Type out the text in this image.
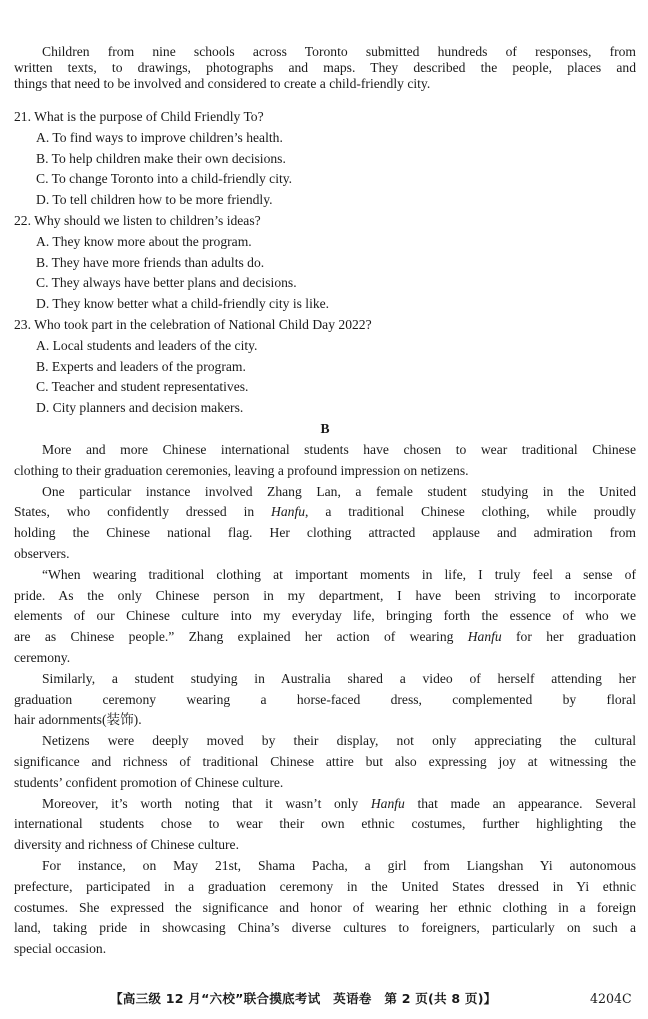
Children from nine schools across Toronto submitted hundreds of responses, from
written texts, to drawings, photographs and maps. They described the people, places and
things that need to be involved and considered to create a child-friendly city.
21. What is the purpose of Child Friendly To?
A. To find ways to improve children’s health.
B. To help children make their own decisions.
C. To change Toronto into a child-friendly city.
D. To tell children how to be more friendly.
22. Why should we listen to children’s ideas?
A. They know more about the program.
B. They have more friends than adults do.
C. They always have better plans and decisions.
D. They know better what a child-friendly city is like.
23. Who took part in the celebration of National Child Day 2022?
A. Local students and leaders of the city.
B. Experts and leaders of the program.
C. Teacher and student representatives.
D. City planners and decision makers.
B
More and more Chinese international students have chosen to wear traditional Chinese
clothing to their graduation ceremonies, leaving a profound impression on netizens.
One particular instance involved Zhang Lan, a female student studying in the United
States, who confidently dressed in Hanfu, a traditional Chinese clothing, while proudly
holding the Chinese national flag. Her clothing attracted applause and admiration from
observers.
“When wearing traditional clothing at important moments in life, I truly feel a sense of
pride. As the only Chinese person in my department, I have been striving to incorporate
elements of our Chinese culture into my everyday life, bringing forth the essence of who we
are as Chinese people.” Zhang explained her action of wearing Hanfu for her graduation
ceremony.
Similarly, a student studying in Australia shared a video of herself attending her
graduation ceremony wearing a horse-faced dress, complemented by floral
hair adornments(装饰).
Netizens were deeply moved by their display, not only appreciating the cultural
significance and richness of traditional Chinese attire but also expressing joy at witnessing the
students’ confident promotion of Chinese culture.
Moreover, it’s worth noting that it wasn’t only Hanfu that made an appearance. Several
international students chose to wear their own ethnic costumes, further highlighting the
diversity and richness of Chinese culture.
For instance, on May 21st, Shama Pacha, a girl from Liangshan Yi autonomous
prefecture, participated in a graduation ceremony in the United States dressed in Yi ethnic
costumes. She expressed the significance and honor of wearing her ethnic clothing in a foreign
land, taking pride in showcasing China’s diverse cultures to foreigners, particularly on such a
special occasion.
【高三级 12 月“六校”联合摸底考试　英语卷　第 2 页(共 8 页)】	4204C
